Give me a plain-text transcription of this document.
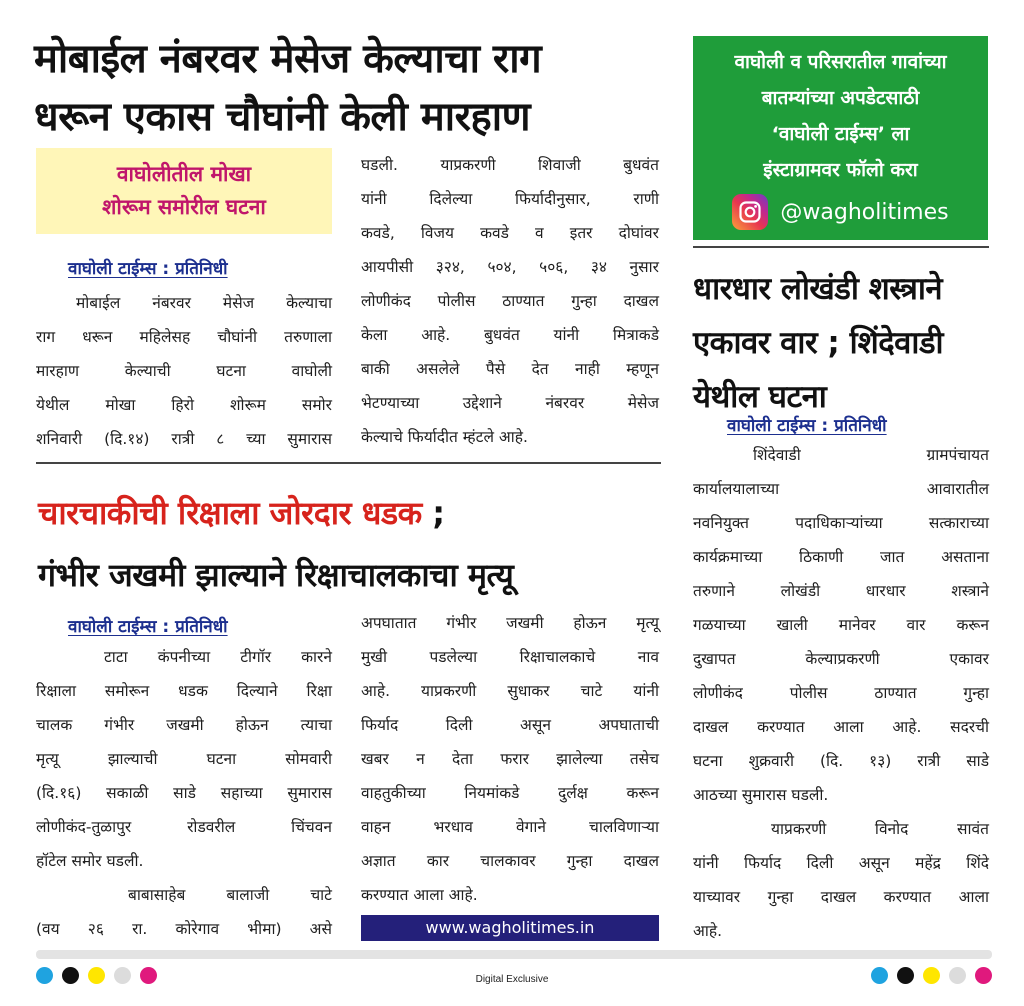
मोबाईल नंबरवर मेसेज केल्याचा राग
धरून एकास चौघांनी केली मारहाण
वाघोलीतील मोखा
शोरूम समोरील घटना
वाघोली टाईम्स : प्रतिनिधी
मोबाईल नंबरवर मेसेज केल्याचा
राग धरून महिलेसह चौघांनी तरुणाला
मारहाण केल्याची घटना वाघोली
येथील मोखा हिरो शोरूम समोर
शनिवारी (दि.१४) रात्री ८ च्या सुमारास
घडली. याप्रकरणी शिवाजी बुधवंत
यांनी दिलेल्या फिर्यादीनुसार, राणी
कवडे, विजय कवडे व इतर दोघांवर
आयपीसी ३२४, ५०४, ५०६, ३४ नुसार
लोणीकंद पोलीस ठाण्यात गुन्हा दाखल
केला आहे. बुधवंत यांनी मित्राकडे
बाकी असलेले पैसे देत नाही म्हणून
भेटण्याच्या उद्देशाने नंबरवर मेसेज
केल्याचे फिर्यादीत म्हंटले आहे.
वाघोली व परिसरातील गावांच्या
बातम्यांच्या अपडेटसाठी
‘वाघोली टाईम्स’ ला
इंस्टाग्रामवर फॉलो करा
@wagholitimes
धारधार लोखंडी शस्त्राने
एकावर वार ; शिंदेवाडी
येथील घटना
वाघोली टाईम्स : प्रतिनिधी
शिंदेवाडी ग्रामपंचायत
कार्यालयालाच्या आवारातील
नवनियुक्त पदाधिकाऱ्यांच्या सत्काराच्या
कार्यक्रमाच्या ठिकाणी जात असताना
तरुणाने लोखंडी धारधार शस्त्राने
गळयाच्या खाली मानेवर वार करून
दुखापत केल्याप्रकरणी एकावर
लोणीकंद पोलीस ठाण्यात गुन्हा
दाखल करण्यात आला आहे. सदरची
घटना शुक्रवारी (दि. १३) रात्री साडे
आठच्या सुमारास घडली.
याप्रकरणी विनोद सावंत
यांनी फिर्याद दिली असून महेंद्र शिंदे
याच्यावर गुन्हा दाखल करण्यात आला
आहे.
चारचाकीची रिक्षाला जोरदार धडक ;
गंभीर जखमी झाल्याने रिक्षाचालकाचा मृत्यू
वाघोली टाईम्स : प्रतिनिधी
टाटा कंपनीच्या टीगॉर कारने
रिक्षाला समोरून धडक दिल्याने रिक्षा
चालक गंभीर जखमी होऊन त्याचा
मृत्यू झाल्याची घटना सोमवारी
(दि.१६) सकाळी साडे सहाच्या सुमारास
लोणीकंद-तुळापुर रोडवरील चिंचवन
हॉटेल समोर घडली.
बाबासाहेब बालाजी चाटे
(वय २६ रा. कोरेगाव भीमा) असे
अपघातात गंभीर जखमी होऊन मृत्यू
मुखी पडलेल्या रिक्षाचालकाचे नाव
आहे. याप्रकरणी सुधाकर चाटे यांनी
फिर्याद दिली असून अपघाताची
खबर न देता फरार झालेल्या तसेच
वाहतुकीच्या नियमांकडे दुर्लक्ष करून
वाहन भरधाव वेगाने चालविणाऱ्या
अज्ञात कार चालकावर गुन्हा दाखल
करण्यात आला आहे.
www.wagholitimes.in
Digital Exclusive
